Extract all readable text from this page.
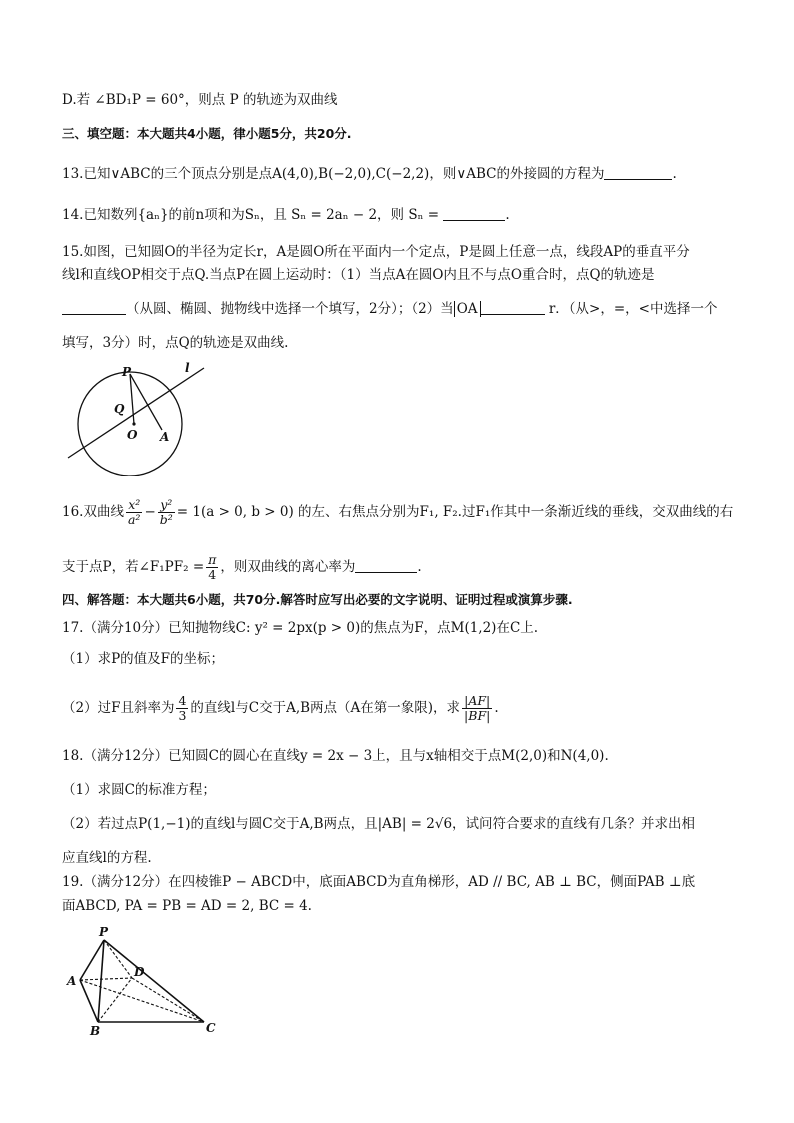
D.若 ∠BD₁P = 60°，则点 P 的轨迹为双曲线
三、填空题：本大题共4小题，律小题5分，共20分.
13.已知∨ABC的三个顶点分别是点A(4,0),B(−2,0),C(−2,2)，则∨ABC的外接圆的方程为	.
14.已知数列{aₙ}的前n项和为Sₙ，且 Sₙ = 2aₙ − 2，则 Sₙ =	.
15.如图，已知圆O的半径为定长r，A是圆O所在平面内一个定点，P是圆上任意一点，线段AP的垂直平分
线l和直线OP相交于点Q.当点P在圆上运动时：（1）当点A在圆O内且不与点O重合时，点Q的轨迹是
（从圆、椭圆、抛物线中选择一个填写，2分）；（2）当 OA	r．（从>，=，<中选择一个
填写，3分）时，点Q的轨迹是双曲线.
P	l
Q
O A
16.双曲线 $\frac{\text{x²}}{\text{a²}} - \frac{\text{y²}}{\text{b²}} = 1(a > 0$, b > 0) 的左、右焦点分别为F₁, F₂.过F₁作其中一条渐近线的垂线，交双曲线的右
支于点P，若∠F₁PF₂ = $\frac{\pi}{4}$ ，则双曲线的离心率为	.
四、解答题：本大题共6小题，共70分.解答时应写出必要的文字说明、证明过程或演算步骤.
17.（满分10分）已知抛物线C: y² = 2px(p > 0)的焦点为F，点M(1,2)在C上.
（1）求P的值及F的坐标；
（2）过F且斜率为 $\frac{4}{3}$ 的直线l与C交于A,B两点（A在第一象限)，求 $\frac{|AF|}{|BF|}$ .
18.（满分12分）已知圆C的圆心在直线y = 2x − 3上，且与x轴相交于点M(2,0)和N(4,0).
（1）求圆C的标准方程；
（2）若过点P(1,−1)的直线l与圆C交于A,B两点，且|AB| = 2√6，试问符合要求的直线有几条？并求出相
应直线l的方程.
19.（满分12分）在四棱锥P − ABCD中，底面ABCD为直角梯形，AD // BC, AB ⊥ BC，侧面PAB ⊥底
面ABCD, PA = PB = AD = 2, BC = 4.
P
A
D
B	C
